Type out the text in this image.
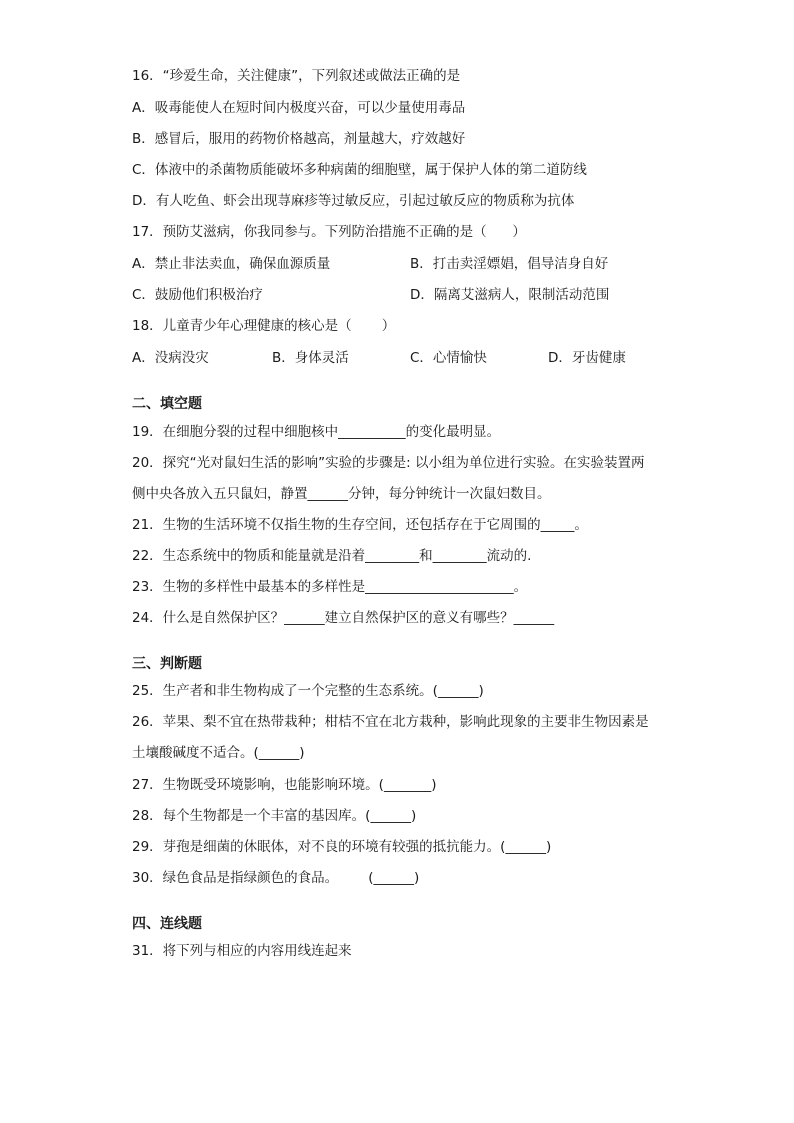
16．“珍爱生命，关注健康”，下列叙述或做法正确的是
A．吸毒能使人在短时间内极度兴奋，可以少量使用毒品
B．感冒后，服用的药物价格越高，剂量越大，疗效越好
C．体液中的杀菌物质能破坏多种病菌的细胞壁，属于保护人体的第二道防线
D．有人吃鱼、虾会出现荨麻疹等过敏反应，引起过敏反应的物质称为抗体
17．预防艾滋病，你我同参与。下列防治措施不正确的是（      ）
A．禁止非法卖血，确保血源质量	B．打击卖淫嫖娼，倡导洁身自好
C．鼓励他们积极治疗	D．隔离艾滋病人，限制活动范围
18．儿童青少年心理健康的核心是（       ）
A．没病没灾	B．身体灵活	C．心情愉快	D．牙齿健康
二、填空题
19．在细胞分裂的过程中细胞核中__________的变化最明显。
20．探究“光对鼠妇生活的影响”实验的步骤是: 以小组为单位进行实验。在实验装置两
侧中央各放入五只鼠妇，静置______分钟，每分钟统计一次鼠妇数目。
21．生物的生活环境不仅指生物的生存空间，还包括存在于它周围的_____。
22．生态系统中的物质和能量就是沿着________和________流动的.
23．生物的多样性中最基本的多样性是______________________。
24．什么是自然保护区？______建立自然保护区的意义有哪些？______
三、判断题
25．生产者和非生物构成了一个完整的生态系统。(______)
26．苹果、梨不宜在热带栽种；柑桔不宜在北方栽种，影响此现象的主要非生物因素是
土壤酸碱度不适合。(______)
27．生物既受环境影响，也能影响环境。(_______)
28．每个生物都是一个丰富的基因库。(______)
29．芽孢是细菌的休眠体，对不良的环境有较强的抵抗能力。(______)
30．绿色食品是指绿颜色的食品。       (______)
四、连线题
31．将下列与相应的内容用线连起来
